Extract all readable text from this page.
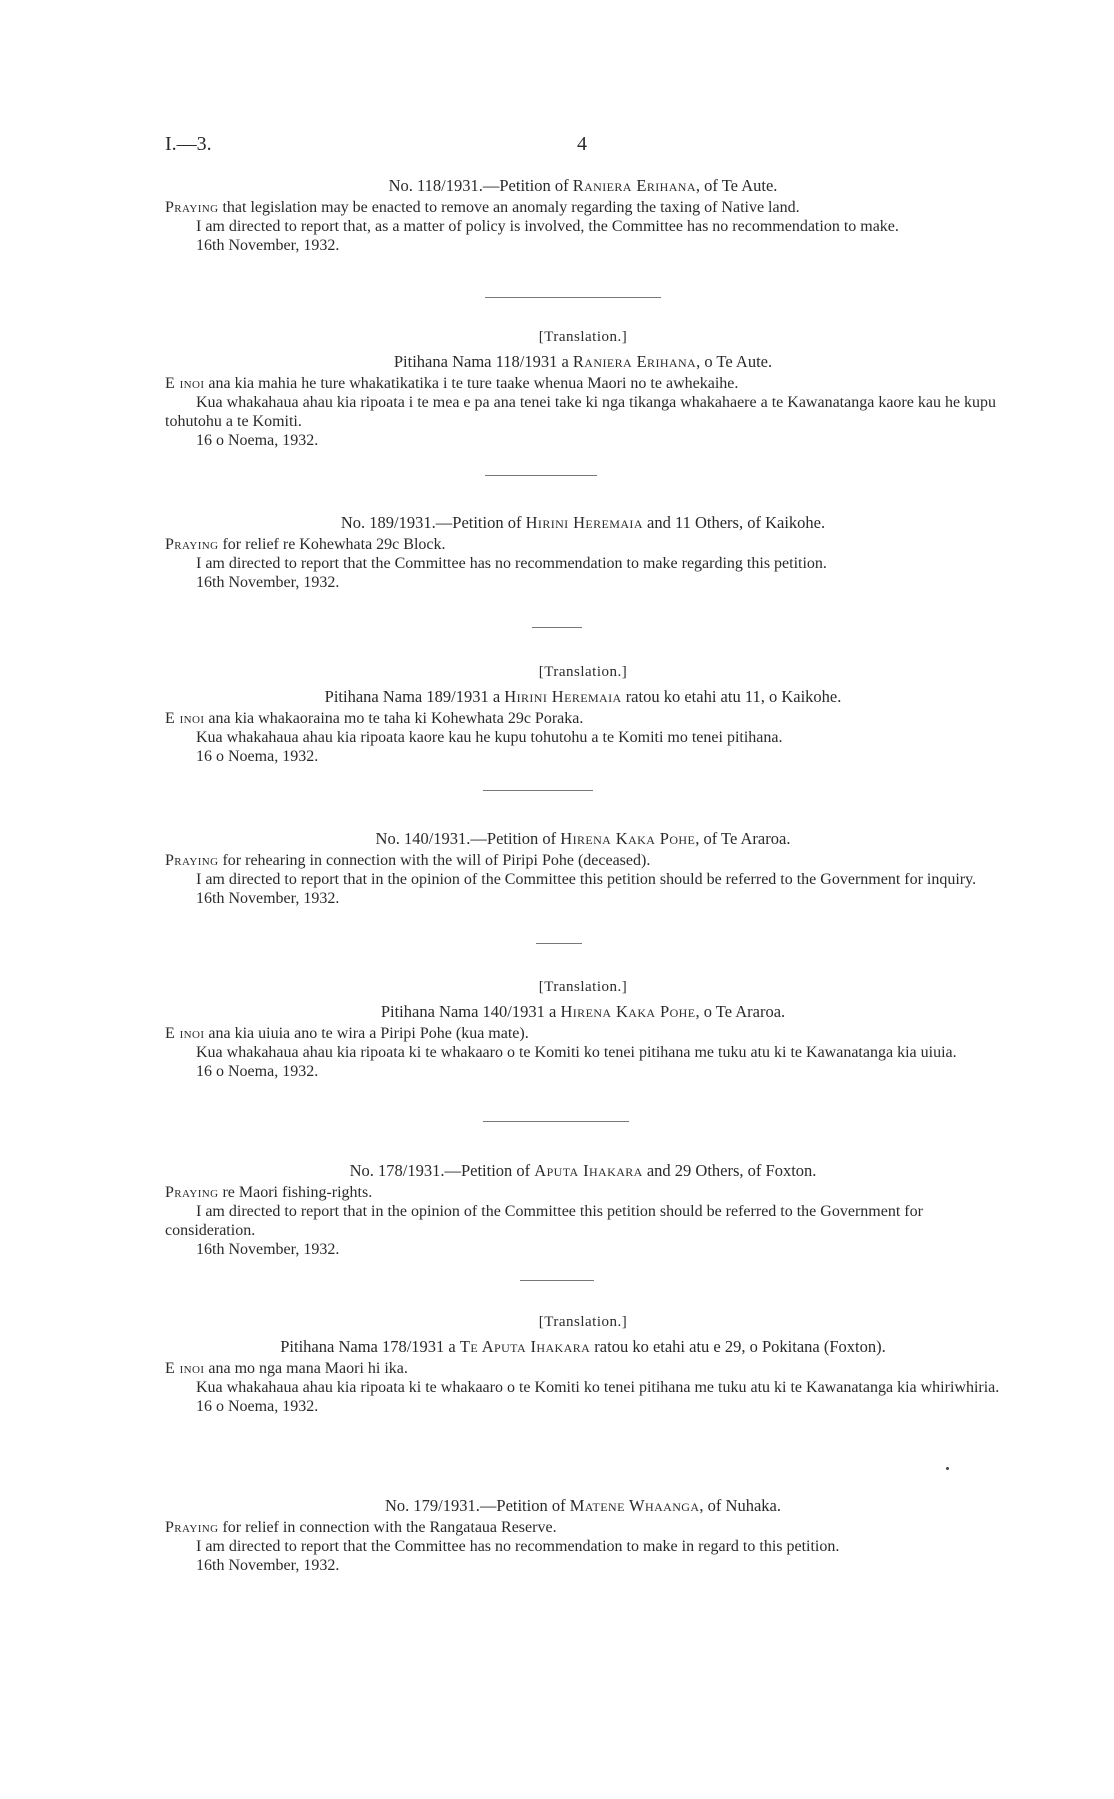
I.—3.	4
No. 118/1931.—Petition of Raniera Erihana, of Te Aute.
Praying that legislation may be enacted to remove an anomaly regarding the taxing of Native land.
I am directed to report that, as a matter of policy is involved, the Committee has no recommendation to make.
16th November, 1932.
[Translation.]
Pitihana Nama 118/1931 a Raniera Erihana, o Te Aute.
E inoi ana kia mahia he ture whakatikatika i te ture taake whenua Maori no te awhekaihe.
Kua whakahaua ahau kia ripoata i te mea e pa ana tenei take ki nga tikanga whakahaere a te Kawanatanga kaore kau he kupu tohutohu a te Komiti.
16 o Noema, 1932.
No. 189/1931.—Petition of Hirini Heremaia and 11 Others, of Kaikohe.
Praying for relief re Kohewhata 29c Block.
I am directed to report that the Committee has no recommendation to make regarding this petition.
16th November, 1932.
[Translation.]
Pitihana Nama 189/1931 a Hirini Heremaia ratou ko etahi atu 11, o Kaikohe.
E inoi ana kia whakaoraina mo te taha ki Kohewhata 29c Poraka.
Kua whakahaua ahau kia ripoata kaore kau he kupu tohutohu a te Komiti mo tenei pitihana.
16 o Noema, 1932.
No. 140/1931.—Petition of Hirena Kaka Pohe, of Te Araroa.
Praying for rehearing in connection with the will of Piripi Pohe (deceased).
I am directed to report that in the opinion of the Committee this petition should be referred to the Government for inquiry.
16th November, 1932.
[Translation.]
Pitihana Nama 140/1931 a Hirena Kaka Pohe, o Te Araroa.
E inoi ana kia uiuia ano te wira a Piripi Pohe (kua mate).
Kua whakahaua ahau kia ripoata ki te whakaaro o te Komiti ko tenei pitihana me tuku atu ki te Kawanatanga kia uiuia.
16 o Noema, 1932.
No. 178/1931.—Petition of Aputa Ihakara and 29 Others, of Foxton.
Praying re Maori fishing-rights.
I am directed to report that in the opinion of the Committee this petition should be referred to the Government for consideration.
16th November, 1932.
[Translation.]
Pitihana Nama 178/1931 a Te Aputa Ihakara ratou ko etahi atu e 29, o Pokitana (Foxton).
E inoi ana mo nga mana Maori hi ika.
Kua whakahaua ahau kia ripoata ki te whakaaro o te Komiti ko tenei pitihana me tuku atu ki te Kawanatanga kia whiriwhiria.
16 o Noema, 1932.
No. 179/1931.—Petition of Matene Whaanga, of Nuhaka.
Praying for relief in connection with the Rangataua Reserve.
I am directed to report that the Committee has no recommendation to make in regard to this petition.
16th November, 1932.
